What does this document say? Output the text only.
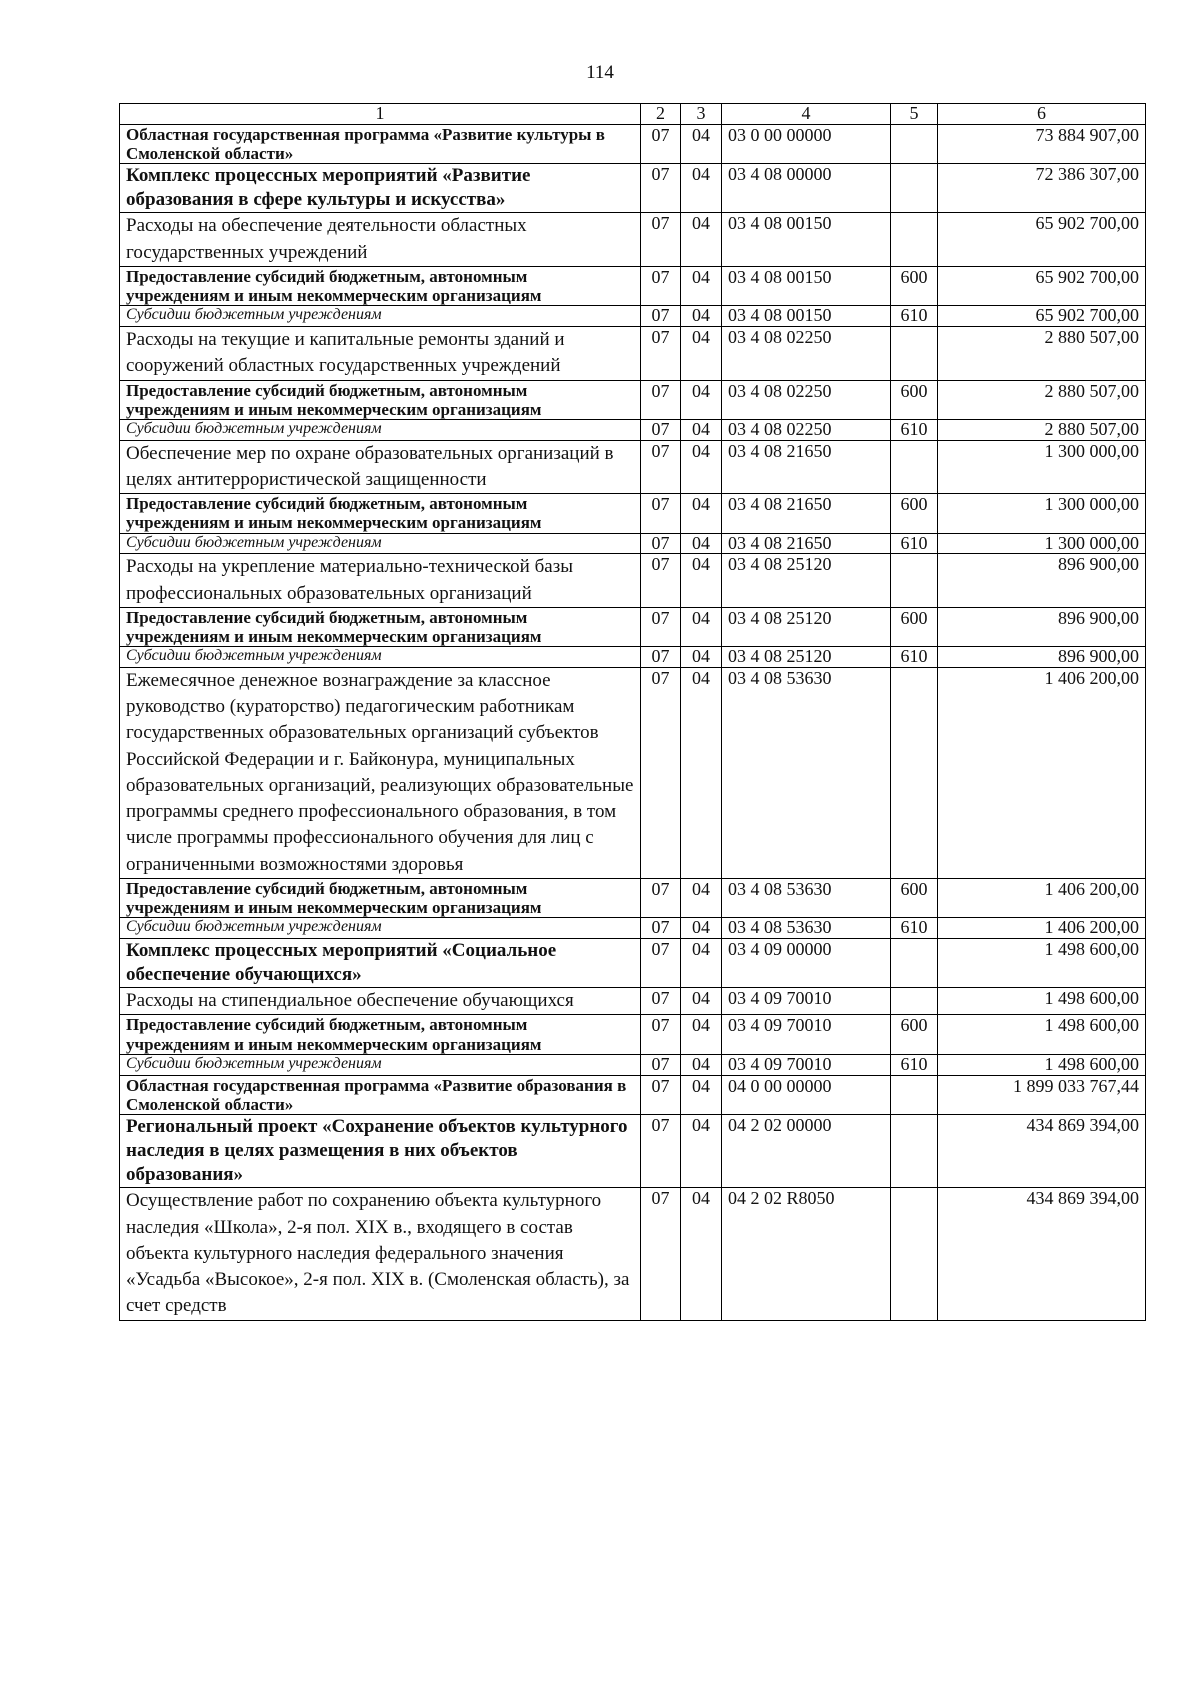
114
1	2	3	4	5	6
Областная государственная программа «Развитие культуры в Смоленской области»	07	04	03 0 00 00000		73 884 907,00
Комплекс процессных мероприятий «Развитие образования в сфере культуры и искусства»	07	04	03 4 08 00000		72 386 307,00
Расходы на обеспечение деятельности областных государственных учреждений	07	04	03 4 08 00150		65 902 700,00
Предоставление субсидий бюджетным, автономным учреждениям и иным некоммерческим организациям	07	04	03 4 08 00150	600	65 902 700,00
Субсидии бюджетным учреждениям	07	04	03 4 08 00150	610	65 902 700,00
Расходы на текущие и капитальные ремонты зданий и сооружений областных государственных учреждений	07	04	03 4 08 02250		2 880 507,00
Предоставление субсидий бюджетным, автономным учреждениям и иным некоммерческим организациям	07	04	03 4 08 02250	600	2 880 507,00
Субсидии бюджетным учреждениям	07	04	03 4 08 02250	610	2 880 507,00
Обеспечение мер по охране образовательных организаций в целях антитеррористической защищенности	07	04	03 4 08 21650		1 300 000,00
Предоставление субсидий бюджетным, автономным учреждениям и иным некоммерческим организациям	07	04	03 4 08 21650	600	1 300 000,00
Субсидии бюджетным учреждениям	07	04	03 4 08 21650	610	1 300 000,00
Расходы на укрепление материально-технической базы профессиональных образовательных организаций	07	04	03 4 08 25120		896 900,00
Предоставление субсидий бюджетным, автономным учреждениям и иным некоммерческим организациям	07	04	03 4 08 25120	600	896 900,00
Субсидии бюджетным учреждениям	07	04	03 4 08 25120	610	896 900,00
Ежемесячное денежное вознаграждение за классное руководство (кураторство) педагогическим работникам государственных образовательных организаций субъектов Российской Федерации и г. Байконура, муниципальных образовательных организаций, реализующих образовательные программы среднего профессионального образования, в том числе программы профессионального обучения для лиц с ограниченными возможностями здоровья	07	04	03 4 08 53630		1 406 200,00
Предоставление субсидий бюджетным, автономным учреждениям и иным некоммерческим организациям	07	04	03 4 08 53630	600	1 406 200,00
Субсидии бюджетным учреждениям	07	04	03 4 08 53630	610	1 406 200,00
Комплекс процессных мероприятий «Социальное обеспечение обучающихся»	07	04	03 4 09 00000		1 498 600,00
Расходы на стипендиальное обеспечение обучающихся	07	04	03 4 09 70010		1 498 600,00
Предоставление субсидий бюджетным, автономным учреждениям и иным некоммерческим организациям	07	04	03 4 09 70010	600	1 498 600,00
Субсидии бюджетным учреждениям	07	04	03 4 09 70010	610	1 498 600,00
Областная государственная программа «Развитие образования в Смоленской области»	07	04	04 0 00 00000		1 899 033 767,44
Региональный проект «Сохранение объектов культурного наследия в целях размещения в них объектов образования»	07	04	04 2 02 00000		434 869 394,00
Осуществление работ по сохранению объекта культурного наследия «Школа», 2-я пол. XIX в., входящего в состав объекта культурного наследия федерального значения «Усадьба «Высокое», 2-я пол. XIX в. (Смоленская область), за счет средств	07	04	04 2 02 R8050		434 869 394,00
